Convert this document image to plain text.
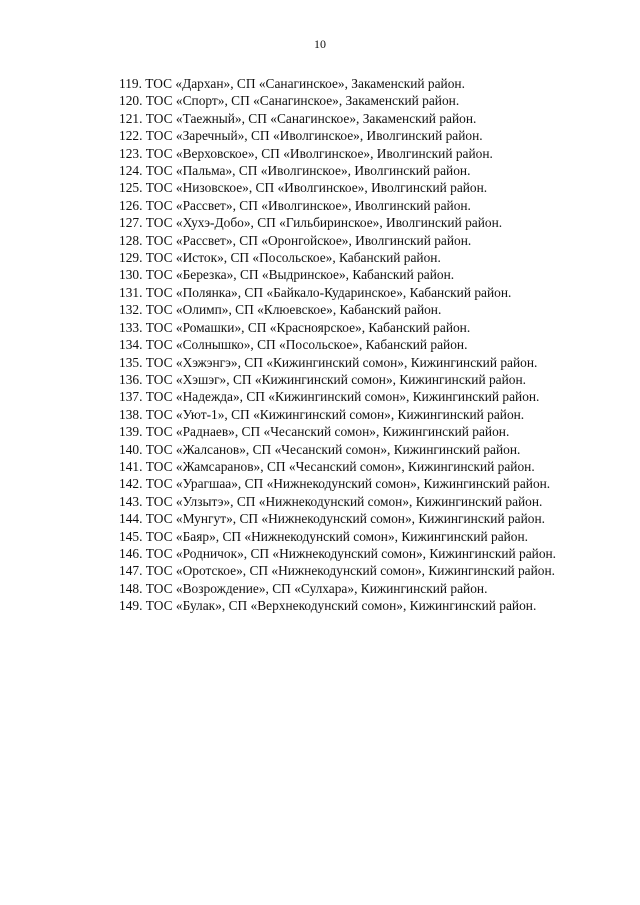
10

119. ТОС «Дархан», СП «Санагинское», Закаменский район.

120. ТОС «Спорт», СП «Санагинское», Закаменский район.

121. ТОС «Таежный», СП «Санагинское», Закаменский район.

122. ТОС «Заречный», СП «Иволгинское», Иволгинский район.

123. ТОС «Верховское», СП «Иволгинское», Иволгинский район.

124. ТОС «Пальма», СП «Иволгинское», Иволгинский район.

125. ТОС «Низовское», СП «Иволгинское», Иволгинский район.

126. ТОС «Рассвет», СП «Иволгинское», Иволгинский район.

127. ТОС «Хухэ-Добо», СП «Гильбиринское», Иволгинский район.

128. ТОС «Рассвет», СП «Оронгойское», Иволгинский район.

129. ТОС «Исток», СП «Посольское», Кабанский район.

130. ТОС «Березка», СП «Выдринское», Кабанский район.

131. ТОС «Полянка», СП «Байкало-Кударинское», Кабанский район.

132. ТОС «Олимп», СП «Клюевское», Кабанский район.

133. ТОС «Ромашки», СП «Красноярское», Кабанский район.

134. ТОС «Солнышко», СП «Посольское», Кабанский район.

135. ТОС «Хэжэнгэ», СП «Кижингинский сомон», Кижингинский район.

136. ТОС «Хэшэг», СП «Кижингинский сомон», Кижингинский район.

137. ТОС «Надежда», СП «Кижингинский сомон», Кижингинский район.

138. ТОС «Уют-1», СП «Кижингинский сомон», Кижингинский район.

139. ТОС «Раднаев», СП «Чесанский сомон», Кижингинский район.

140. ТОС «Жалсанов», СП «Чесанский сомон», Кижингинский район.

141. ТОС «Жамсаранов», СП «Чесанский сомон», Кижингинский район.

142. ТОС «Урагшаа», СП «Нижнекодунский сомон», Кижингинский район.

143. ТОС «Улзытэ», СП «Нижнекодунский сомон», Кижингинский район.

144. ТОС «Мунгут», СП «Нижнекодунский сомон», Кижингинский район.

145. ТОС «Баяр», СП «Нижнекодунский сомон», Кижингинский район.

146. ТОС «Родничок», СП «Нижнекодунский сомон», Кижингинский район.

147. ТОС «Оротское», СП «Нижнекодунский сомон», Кижингинский район.

148. ТОС «Возрождение», СП «Сулхара», Кижингинский район.

149. ТОС «Булак», СП «Верхнекодунский сомон», Кижингинский район.
